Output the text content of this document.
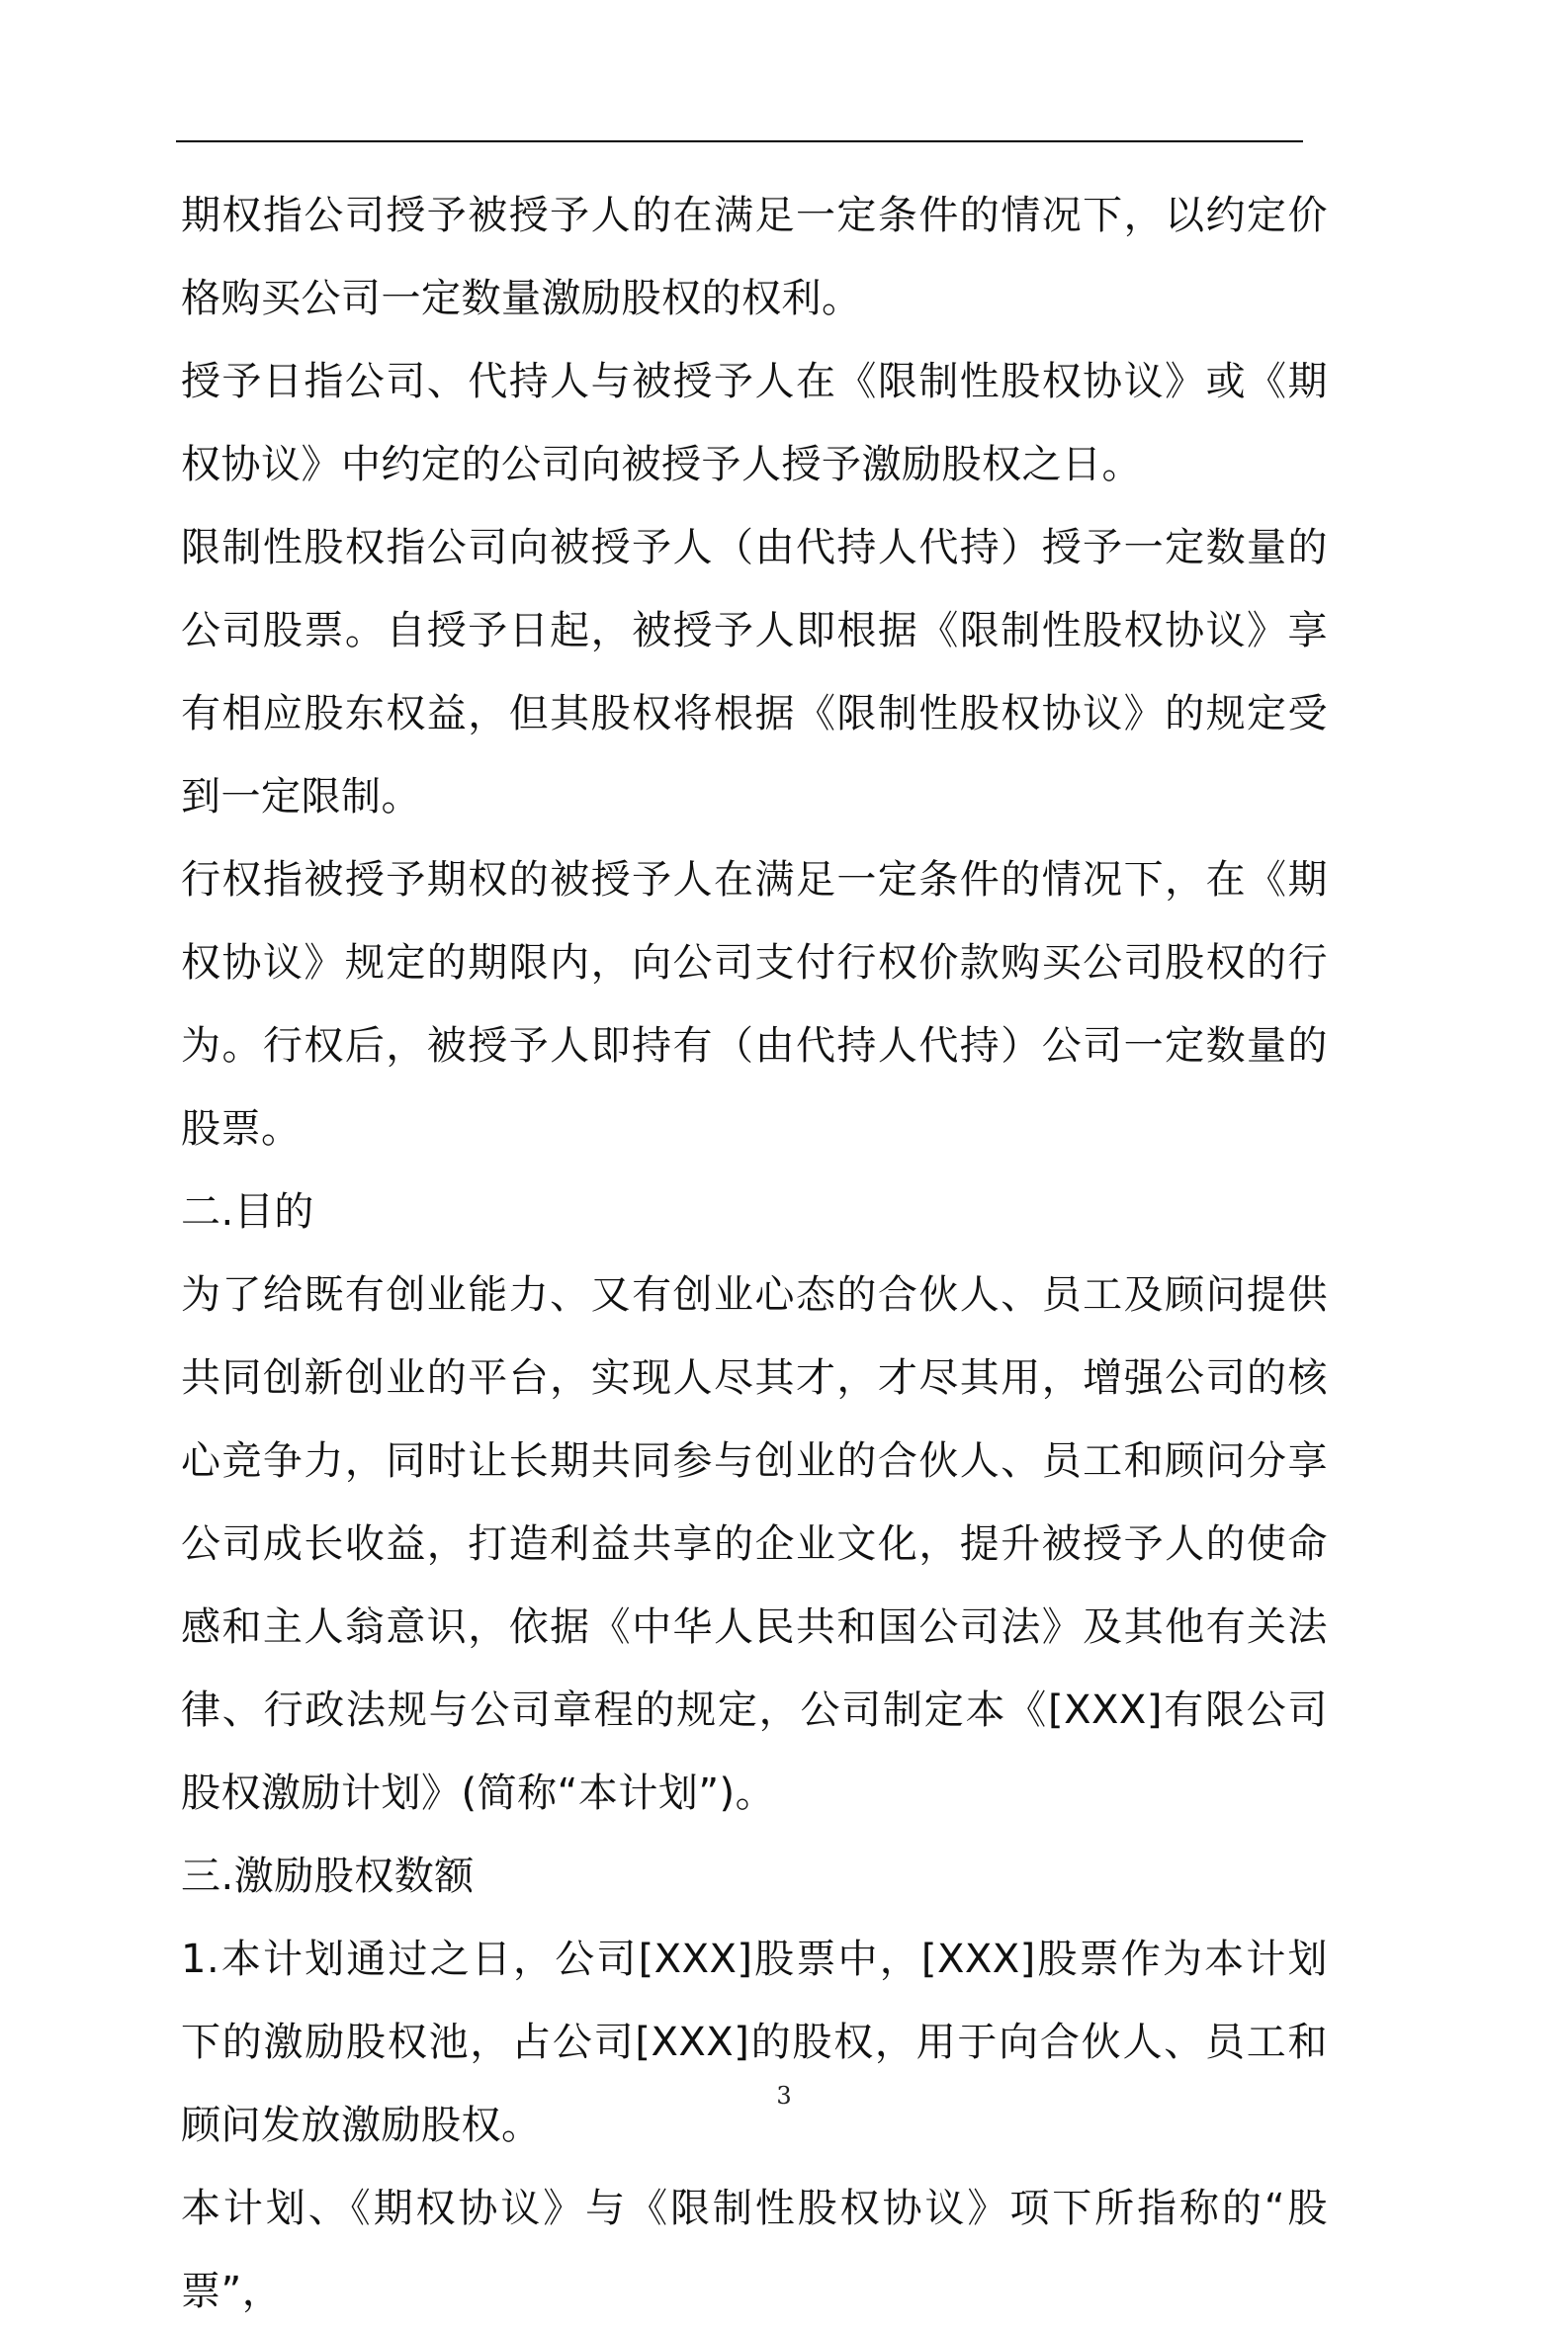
期权指公司授予被授予人的在满足一定条件的情况下，以约定价格购买公司一定数量激励股权的权利。

授予日指公司、代持人与被授予人在《限制性股权协议》或《期权协议》中约定的公司向被授予人授予激励股权之日。

限制性股权指公司向被授予人（由代持人代持）授予一定数量的公司股票。自授予日起，被授予人即根据《限制性股权协议》享有相应股东权益，但其股权将根据《限制性股权协议》的规定受到一定限制。

行权指被授予期权的被授予人在满足一定条件的情况下，在《期权协议》规定的期限内，向公司支付行权价款购买公司股权的行为。行权后，被授予人即持有（由代持人代持）公司一定数量的股票。

二.目的

为了给既有创业能力、又有创业心态的合伙人、员工及顾问提供共同创新创业的平台，实现人尽其才，才尽其用，增强公司的核心竞争力，同时让长期共同参与创业的合伙人、员工和顾问分享公司成长收益，打造利益共享的企业文化，提升被授予人的使命感和主人翁意识，依据《中华人民共和国公司法》及其他有关法律、行政法规与公司章程的规定，公司制定本《[XXX]有限公司股权激励计划》(简称“本计划”)。

三.激励股权数额

1.本计划通过之日，公司[XXX]股票中，[XXX]股票作为本计划下的激励股权池，占公司[XXX]的股权，用于向合伙人、员工和顾问发放激励股权。

本计划、《期权协议》与《限制性股权协议》项下所指称的“股票”，

3
